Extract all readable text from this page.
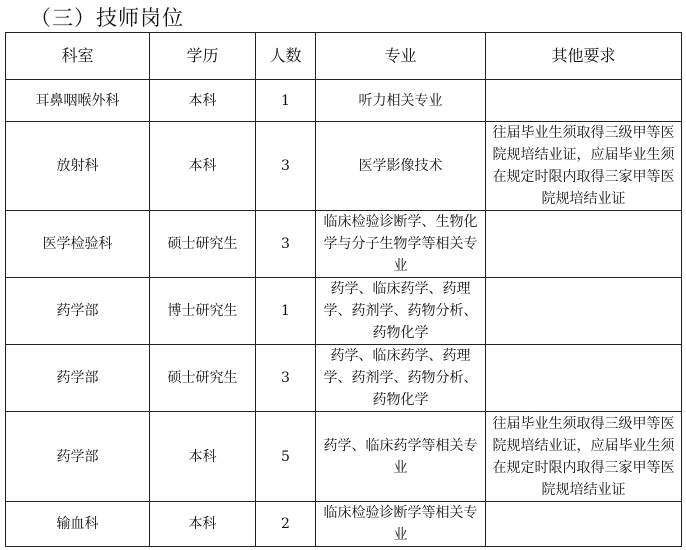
（三）技师岗位
科室	学历	人数	专业	其他要求
耳鼻咽喉外科	本科	1	听力相关专业	
放射科	本科	3	医学影像技术	往届毕业生须取得三级甲等医院规培结业证，应届毕业生须在规定时限内取得三家甲等医院规培结业证
医学检验科	硕士研究生	3	临床检验诊断学、生物化学与分子生物学等相关专业	
药学部	博士研究生	1	药学、临床药学、药理学、药剂学、药物分析、药物化学	
药学部	硕士研究生	3	药学、临床药学、药理学、药剂学、药物分析、药物化学	
药学部	本科	5	药学、临床药学等相关专业	往届毕业生须取得三级甲等医院规培结业证，应届毕业生须在规定时限内取得三家甲等医院规培结业证
输血科	本科	2	临床检验诊断学等相关专业	
